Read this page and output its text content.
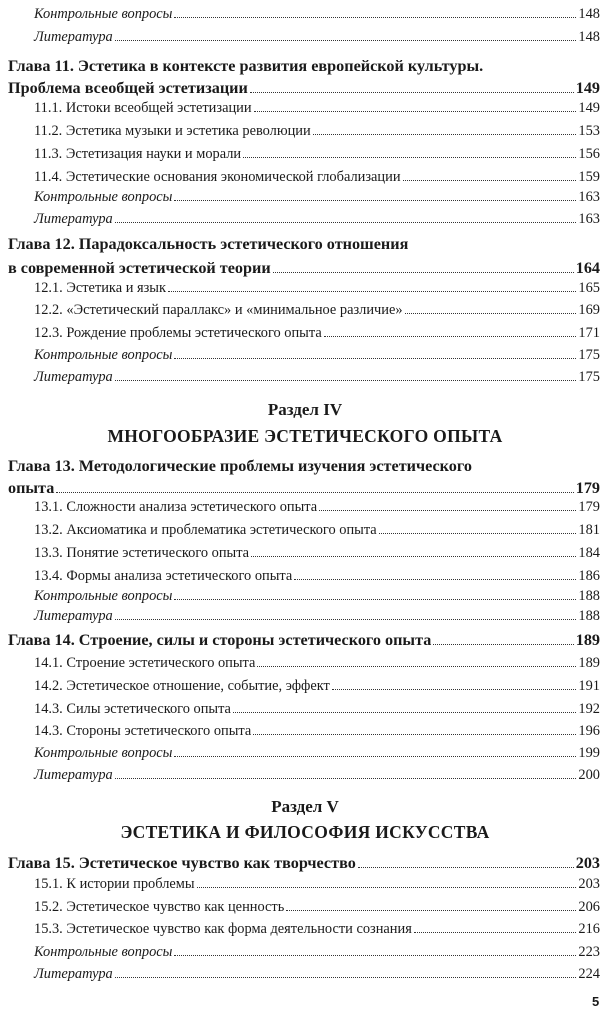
Контрольные вопросы	148
Литература	148
Глава 11. Эстетика в контексте развития европейской культуры.
Проблема всеобщей эстетизации	149
11.1. Истоки всеобщей эстетизации	149
11.2. Эстетика музыки и эстетика революции	153
11.3. Эстетизация науки и морали	156
11.4. Эстетические основания экономической глобализации	159
Контрольные вопросы	163
Литература	163
Глава 12. Парадоксальность эстетического отношения
в современной эстетической теории	164
12.1. Эстетика и язык	165
12.2. «Эстетический параллакс» и «минимальное различие»	169
12.3. Рождение проблемы эстетического опыта	171
Контрольные вопросы	175
Литература	175
Раздел IV
МНОГООБРАЗИЕ ЭСТЕТИЧЕСКОГО ОПЫТА
Глава 13. Методологические проблемы изучения эстетического
опыта	179
13.1. Сложности анализа эстетического опыта	179
13.2. Аксиоматика и проблематика эстетического опыта	181
13.3. Понятие эстетического опыта	184
13.4. Формы анализа эстетического опыта	186
Контрольные вопросы	188
Литература	188
Глава 14. Строение, силы и стороны эстетического опыта	189
14.1. Строение эстетического опыта	189
14.2. Эстетическое отношение, событие, эффект	191
14.3. Силы эстетического опыта	192
14.3. Стороны эстетического опыта	196
Контрольные вопросы	199
Литература	200
Раздел V
ЭСТЕТИКА И ФИЛОСОФИЯ ИСКУССТВА
Глава 15. Эстетическое чувство как творчество	203
15.1. К истории проблемы	203
15.2. Эстетическое чувство как ценность	206
15.3. Эстетическое чувство как форма деятельности сознания	216
Контрольные вопросы	223
Литература	224
5
